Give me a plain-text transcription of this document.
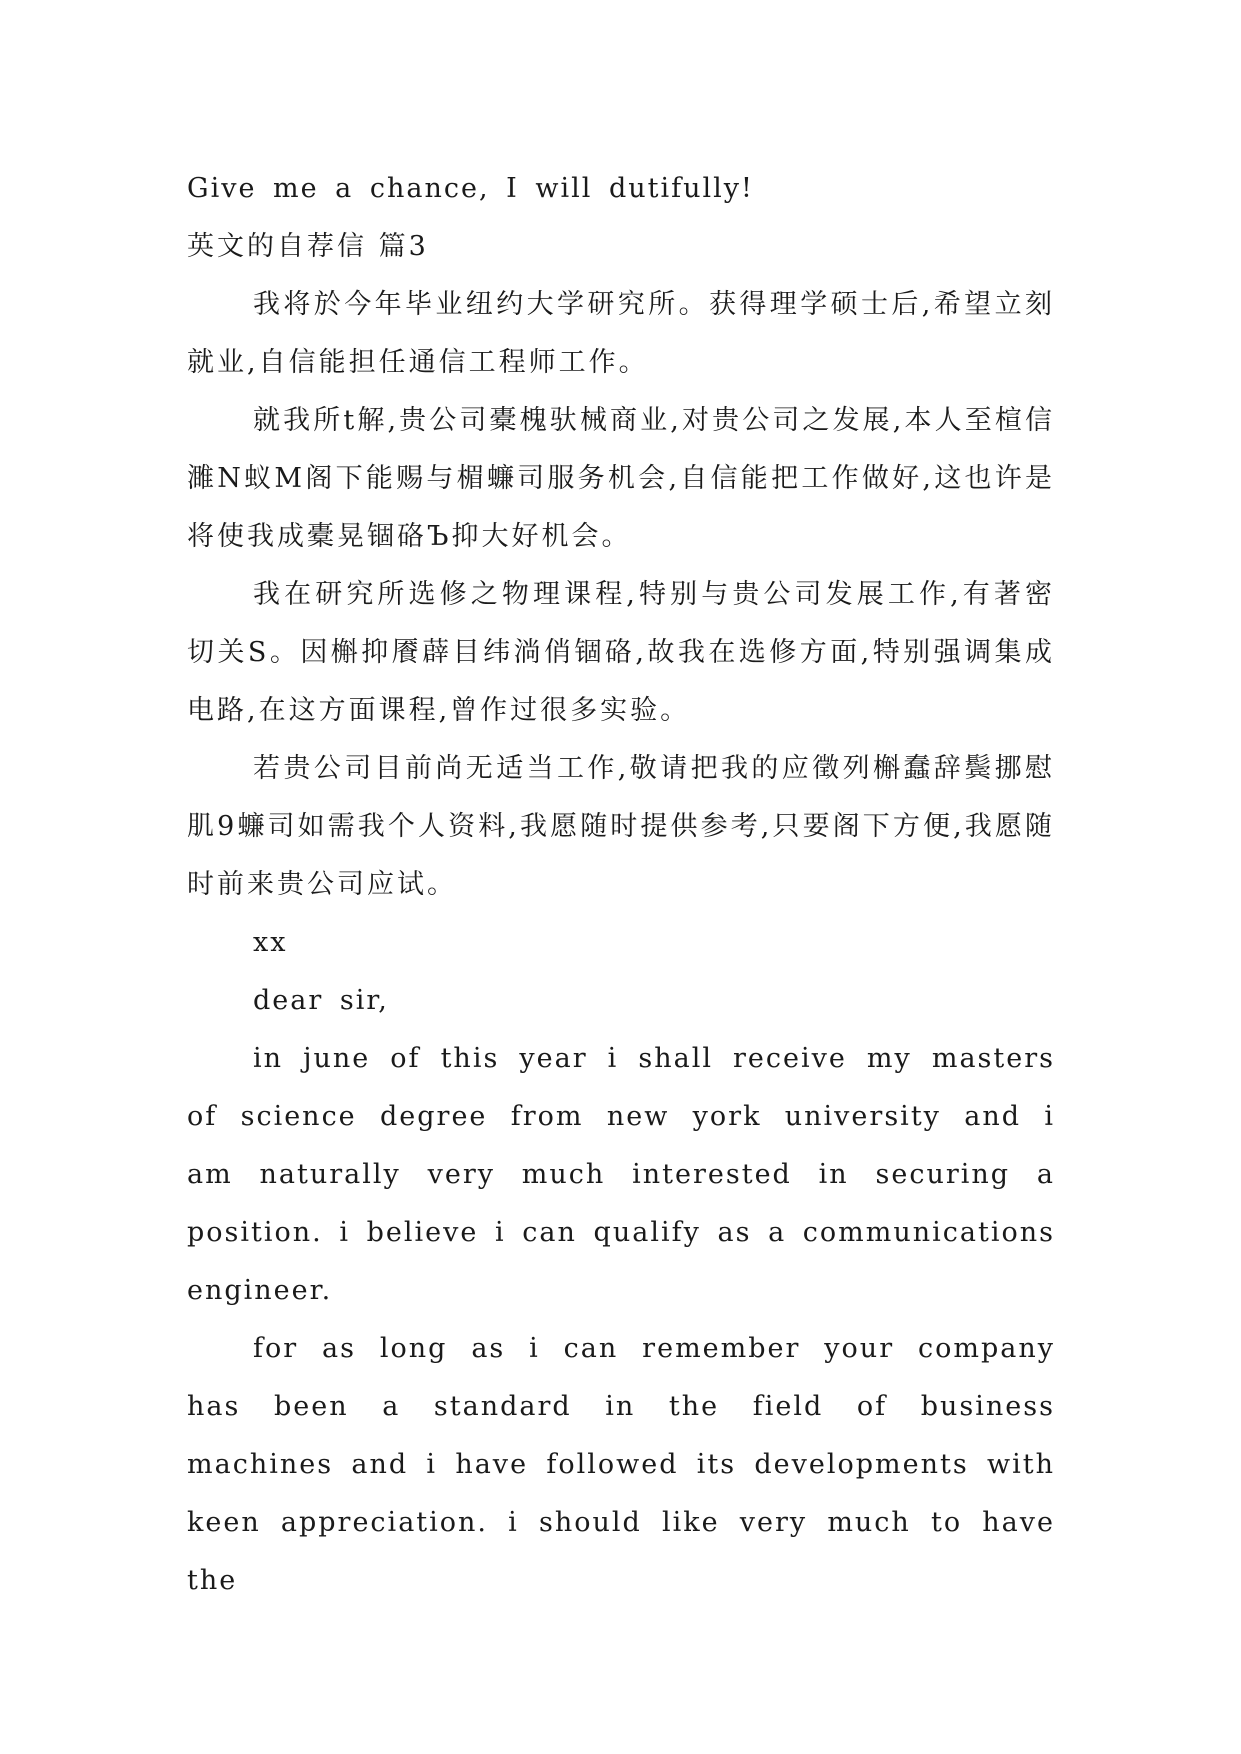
Give me a chance, I will dutifully!

英文的自荐信 篇3

我将於今年毕业纽约大学研究所。获得理学硕士后,希望立刻就业,自信能担任通信工程师工作。

就我所t解,贵公司橐槐驮械商业,对贵公司之发展,本人至楦信濉N蚁M阁下能赐与楣蠊司服务机会,自信能把工作做好,这也许是将使我成橐晃锢硌Ъ抑大好机会。

我在研究所选修之物理课程,特别与贵公司发展工作,有著密切关S。因槲抑餍薜目纬淌俏锢硌,故我在选修方面,特别强调集成电路,在这方面课程,曾作过很多实验。

若贵公司目前尚无适当工作,敬请把我的应徵列槲蠢辞鬓挪慰肌9蠊司如需我个人资料,我愿随时提供参考,只要阁下方便,我愿随时前来贵公司应试。

xx

dear sir,

in june of this year i shall receive my masters of science degree from new york university and i am naturally very much interested in securing a position. i believe i can qualify as a communications engineer.

for as long as i can remember your company has been a standard in the field of business machines and i have followed its developments with keen appreciation. i should like very much to have the
